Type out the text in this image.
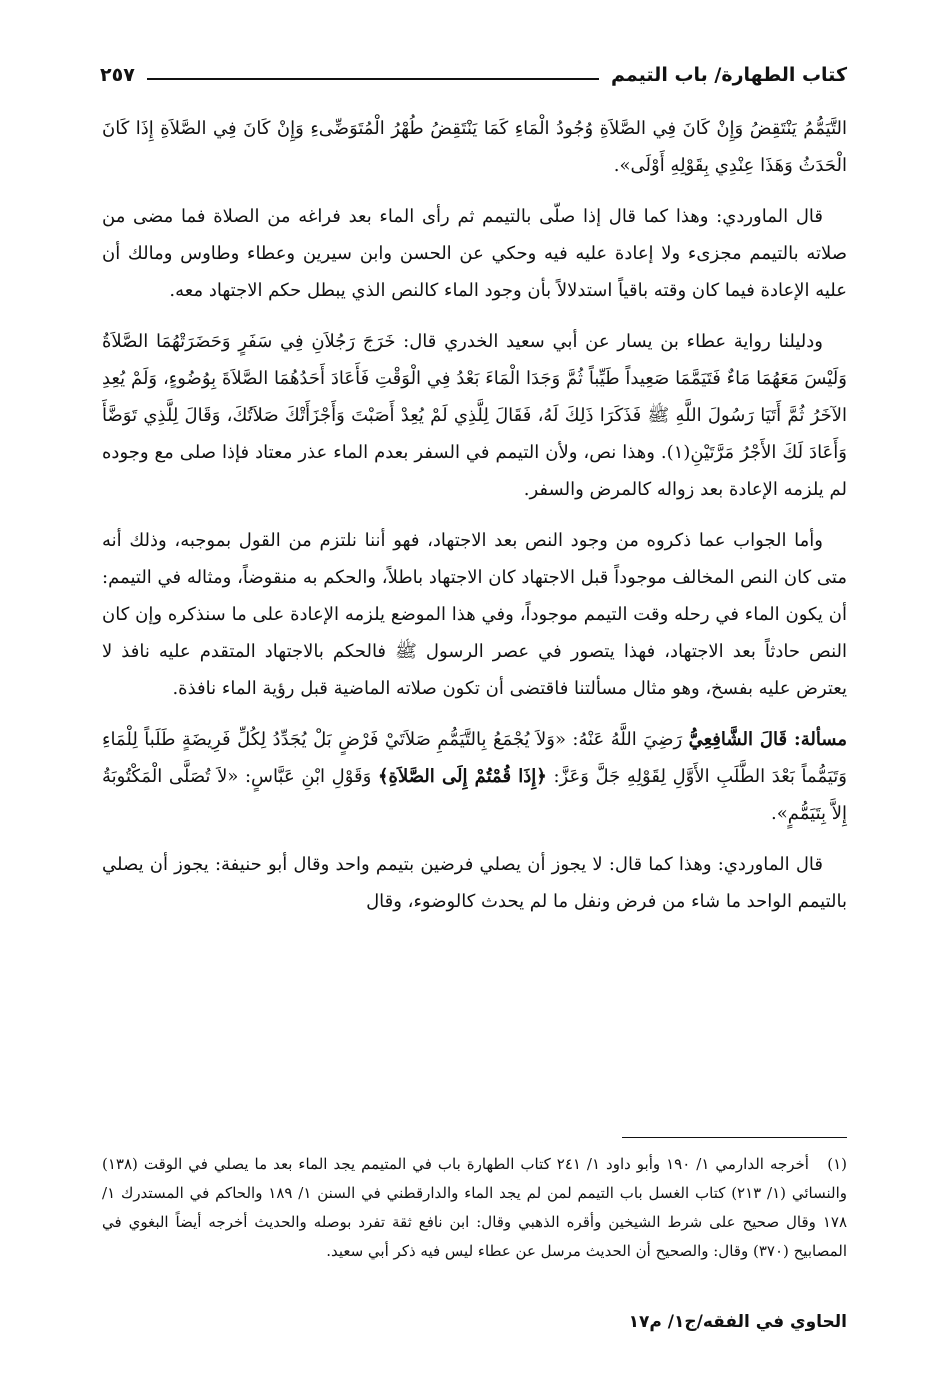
كتاب الطهارة/ باب التيمم
٢٥٧

التَّيَمُّمُ يَنْتَقِضُ وَإِنْ كَانَ فِي الصَّلاَةِ وُجُودُ الْمَاءِ كَمَا يَنْتَقِضُ طُهْرُ الْمُتَوَضِّىءِ وَإِنْ كَانَ فِي الصَّلاَةِ إِذَا كَانَ الْحَدَثُ وَهَذَا عِنْدِي بِقَوْلِهِ أَوْلَى».

قال الماوردي: وهذا كما قال إذا صلّى بالتيمم ثم رأى الماء بعد فراغه من الصلاة فما مضى من صلاته بالتيمم مجزىء ولا إعادة عليه فيه وحكي عن الحسن وابن سيرين وعطاء وطاوس ومالك أن عليه الإعادة فيما كان وقته باقياً استدلالاً بأن وجود الماء كالنص الذي يبطل حكم الاجتهاد معه.

ودليلنا رواية عطاء بن يسار عن أبي سعيد الخدري قال: خَرَجَ رَجُلاَنِ فِي سَفَرٍ وَحَضَرَتْهُمَا الصَّلاَةُ وَلَيْسَ مَعَهُمَا مَاءٌ فَتَيَمَّمَا صَعِيداً طَيِّباً ثُمَّ وَجَدَا الْمَاءَ بَعْدُ فِي الْوَقْتِ فَأَعَادَ أَحَدُهُمَا الصَّلاَةَ بِوُضُوءٍ، وَلَمْ يُعِدِ الآخَرُ ثُمَّ أَتَيَا رَسُولَ اللَّهِ ﷺ فَذَكَرَا ذَلِكَ لَهُ، فَقَالَ لِلَّذِي لَمْ يُعِدْ أَصَبْتَ وَأَجْزَأَتْكَ صَلاَتُكَ، وَقَالَ لِلَّذِي تَوَضَّأَ وَأَعَادَ لَكَ الأَجْرُ مَرَّتَيْنِ(١). وهذا نص، ولأن التيمم في السفر بعدم الماء عذر معتاد فإذا صلى مع وجوده لم يلزمه الإعادة بعد زواله كالمرض والسفر.

وأما الجواب عما ذكروه من وجود النص بعد الاجتهاد، فهو أننا نلتزم من القول بموجبه، وذلك أنه متى كان النص المخالف موجوداً قبل الاجتهاد كان الاجتهاد باطلاً، والحكم به منقوضاً، ومثاله في التيمم: أن يكون الماء في رحله وقت التيمم موجوداً، وفي هذا الموضع يلزمه الإعادة على ما سنذكره وإن كان النص حادثاً بعد الاجتهاد، فهذا يتصور في عصر الرسول ﷺ فالحكم بالاجتهاد المتقدم عليه نافذ لا يعترض عليه بفسخ، وهو مثال مسألتنا فاقتضى أن تكون صلاته الماضية قبل رؤية الماء نافذة.

مسألة: قَالَ الشَّافِعِيُّ رَضِيَ اللَّهُ عَنْهُ: «وَلاَ يُجْمَعُ بِالتَّيَمُّمِ صَلاَتَيْ فَرْضٍ بَلْ يُجَدِّدُ لِكُلِّ فَرِيضَةٍ طَلَباً لِلْمَاءِ وَتَيَمُّماً بَعْدَ الطَّلَبِ الأَوَّلِ لِقَوْلِهِ جَلَّ وَعَزَّ: ﴿إِذَا قُمْتُمْ إِلَى الصَّلاَةِ﴾ وَقَوْلِ ابْنِ عَبَّاسٍ: «لاَ تُصَلَّى الْمَكْتُوبَةُ إِلاَّ بِتَيَمُّمٍ».

قال الماوردي: وهذا كما قال: لا يجوز أن يصلي فرضين بتيمم واحد وقال أبو حنيفة: يجوز أن يصلي بالتيمم الواحد ما شاء من فرض ونفل ما لم يحدث كالوضوء، وقال

(١)أخرجه الدارمي ١/ ١٩٠ وأبو داود ١/ ٢٤١ كتاب الطهارة باب في المتيمم يجد الماء بعد ما يصلي في الوقت (١٣٨) والنسائي (١/ ٢١٣) كتاب الغسل باب التيمم لمن لم يجد الماء والدارقطني في السنن ١/ ١٨٩ والحاكم في المستدرك ١/ ١٧٨ وقال صحيح على شرط الشيخين وأقره الذهبي وقال: ابن نافع ثقة تفرد بوصله والحديث أخرجه أيضاً البغوي في المصابيح (٣٧٠) وقال: والصحيح أن الحديث مرسل عن عطاء ليس فيه ذكر أبي سعيد.
الحاوي في الفقه/ج١/ م١٧
